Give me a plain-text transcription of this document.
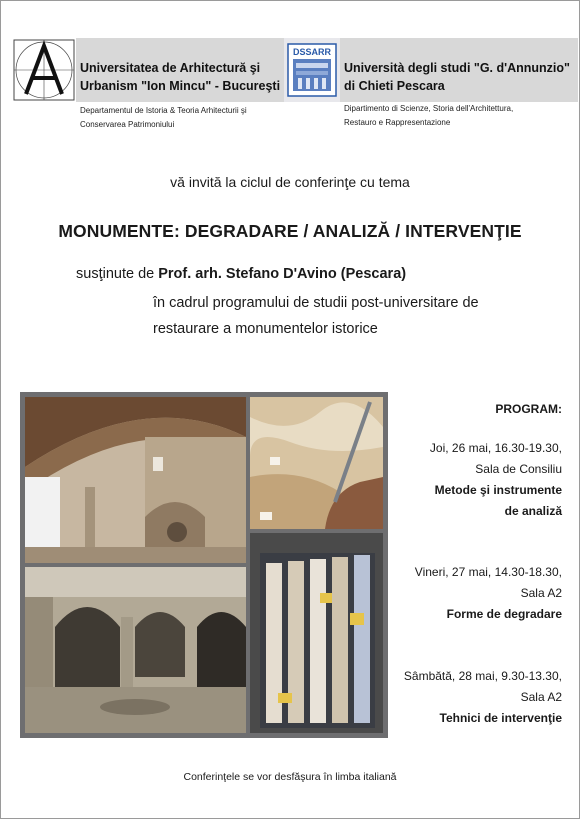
Universitatea de Arhitectură şi
Urbanism "Ion Mincu" - Bucureşti
Departamentul de Istoria & Teoria Arhitecturii şi
Conservarea Patrimoniului
DSSARR
Università degli studi "G. d'Annunzio"
di Chieti Pescara
Dipartimento di Scienze, Storia dell'Architettura,
Restauro e Rappresentazione
vă invită la ciclul de conferinţe cu tema
MONUMENTE: DEGRADARE / ANALIZĂ / INTERVENŢIE
susţinute de Prof. arh. Stefano D'Avino (Pescara)
în cadrul programului de studii post-universitare de
restaurare a monumentelor istorice
PROGRAM:
Joi, 26 mai, 16.30-19.30,
Sala de Consiliu
Metode şi instrumente
de analiză
Vineri, 27 mai, 14.30-18.30,
Sala A2
Forme de degradare
Sâmbătă, 28 mai, 9.30-13.30,
Sala A2
Tehnici de intervenţie
Conferinţele se vor desfăşura în limba italiană
